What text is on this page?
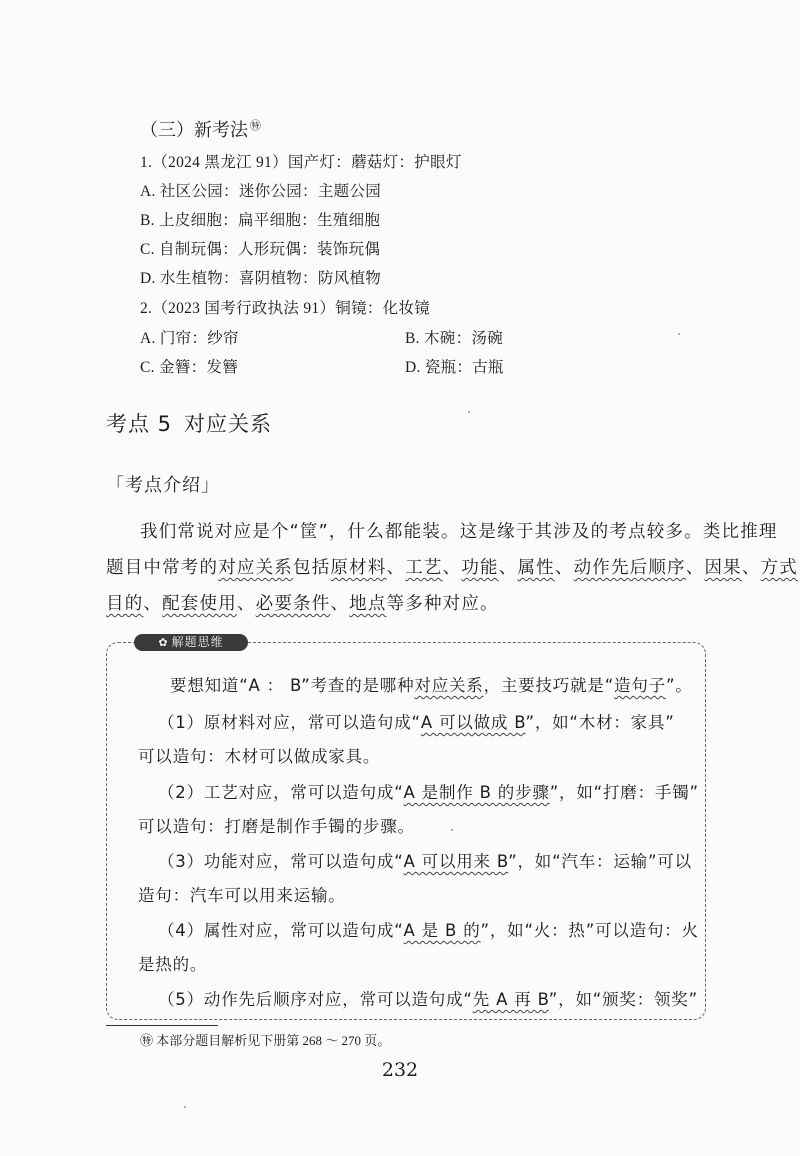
（三）新考法 ㊕
1.（2024 黑龙江 91）国产灯：蘑菇灯：护眼灯
A. 社区公园：迷你公园：主题公园
B. 上皮细胞：扁平细胞：生殖细胞
C. 自制玩偶：人形玩偶：装饰玩偶
D. 水生植物：喜阴植物：防风植物
2.（2023 国考行政执法 91）铜镜：化妆镜
A. 门帘：纱帘	B. 木碗：汤碗
C. 金簪：发簪	D. 瓷瓶：古瓶
考点 5 对应关系
「考点介绍」
我们常说对应是个“筐”，什么都能装。这是缘于其涉及的考点较多。类比推理
题目中常考的对应关系包括原材料、工艺、功能、属性、动作先后顺序、因果、方式
目的、配套使用、必要条件、地点等多种对应。
✿ 解题思维
要想知道“A ： B”考查的是哪种对应关系，主要技巧就是“造句子”。
（1）原材料对应，常可以造句成“A 可以做成 B”，如“木材：家具”
可以造句：木材可以做成家具。
（2）工艺对应，常可以造句成“A 是制作 B 的步骤”，如“打磨：手镯”
可以造句：打磨是制作手镯的步骤。
（3）功能对应，常可以造句成“A 可以用来 B”，如“汽车：运输”可以
造句：汽车可以用来运输。
（4）属性对应，常可以造句成“A 是 B 的”，如“火：热”可以造句：火
是热的。
（5）动作先后顺序对应，常可以造句成“先 A 再 B”，如“颁奖：领奖”
㊕ 本部分题目解析见下册第 268 ～ 270 页。
232
